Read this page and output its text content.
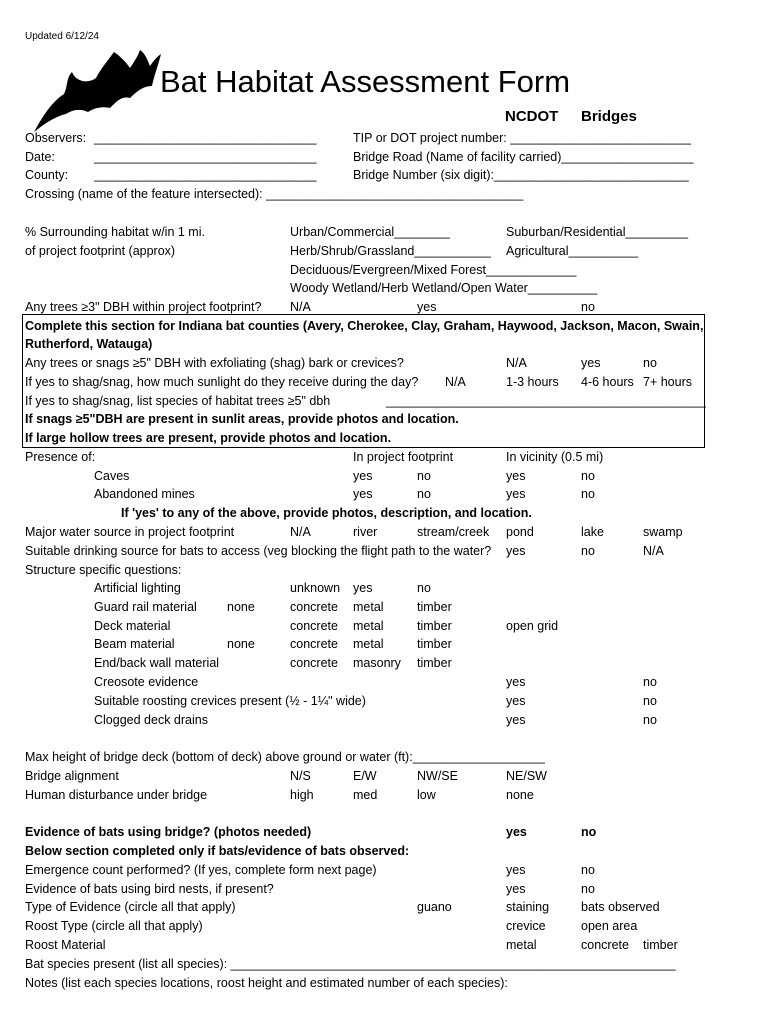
Updated 6/12/24
Bat Habitat Assessment Form
NCDOT Bridges
Observers: ________________________________
Date:	________________________________
County: ________________________________
Crossing (name of the feature intersected): _____________________________________
TIP or DOT project number: __________________________
Bridge Road (Name of facility carried)___________________
Bridge Number (six digit):____________________________
% Surrounding habitat w/in 1 mi.
of project footprint (approx)
Urban/Commercial________	Suburban/Residential_________
Herb/Shrub/Grassland___________ Agricultural__________
Deciduous/Evergreen/Mixed Forest_____________
Woody Wetland/Herb Wetland/Open Water__________
Any trees ≥3" DBH within project footprint? N/A	yes	no
Complete this section for Indiana bat counties (Avery, Cherokee, Clay, Graham, Haywood, Jackson, Macon, Swain,
Rutherford, Watauga)
Any trees or snags ≥5" DBH with exfoliating (shag) bark or crevices?	N/A	yes	no
If yes to shag/snag, how much sunlight do they receive during the day? N/A	1-3 hours 4-6 hours 7+ hours
If yes to shag/snag, list species of habitat trees ≥5" dbh	______________________________________________
If snags ≥5"DBH are present in sunlit areas, provide photos and location.
If large hollow trees are present, provide photos and location.
Presence of:	In project footprint	In vicinity (0.5 mi)
Caves	yes	no	yes	no
Abandoned mines	yes	no	yes	no
If 'yes' to any of the above, provide photos, description, and location.
Major water source in project footprint	N/A	river	stream/creek pond	lake	swamp
Suitable drinking source for bats to access (veg blocking the flight path to the water? yes	no	N/A
Structure specific questions:
Artificial lighting	unknown yes	no
Guard rail material none	concrete metal	timber
Deck material	concrete metal	timber	open grid
Beam material	none	concrete metal	timber
End/back wall material	concrete masonry timber
Creosote evidence	yes	no
Suitable roosting crevices present (½ - 1¼" wide)	yes	no
Clogged deck drains	yes	no
Max height of bridge deck (bottom of deck) above ground or water (ft):___________________
Bridge alignment	N/S	E/W	NW/SE	NE/SW
Human disturbance under bridge	high	med	low	none
Evidence of bats using bridge? (photos needed)	yes	no
Below section completed only if bats/evidence of bats observed:
Emergence count performed? (If yes, complete form next page)	yes	no
Evidence of bats using bird nests, if present?	yes	no
Type of Evidence (circle all that apply)	guano	staining	bats observed
Roost Type (circle all that apply)	crevice	open area
Roost Material	metal	concrete timber
Bat species present (list all species): ________________________________________________________________
Notes (list each species locations, roost height and estimated number of each species):
